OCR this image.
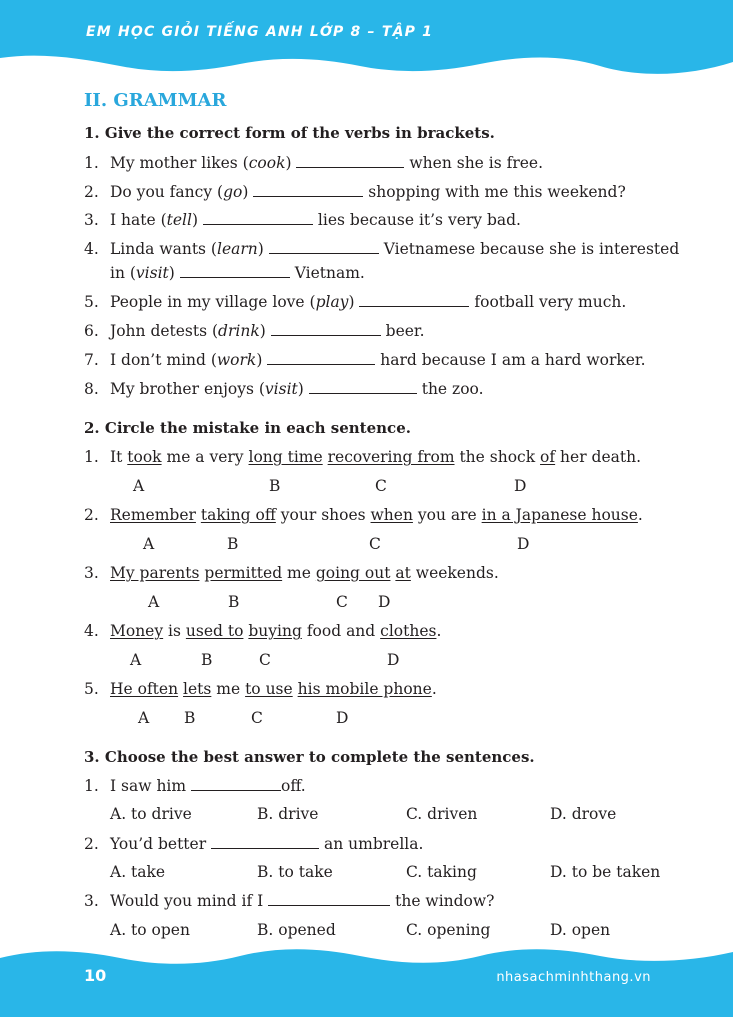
EM HỌC GIỎI TIẾNG ANH LỚP 8 – TẬP 1
II. GRAMMAR
1. Give the correct form of the verbs in brackets.
1. My mother likes (cook)	when she is free.
2. Do you fancy (go)	shopping with me this weekend?
3. I hate (tell)	lies because it’s very bad.
4. Linda wants (learn)	Vietnamese because she is interested
in (visit)	Vietnam.
5. People in my village love (play)	football very much.
6. John detests (drink)	beer.
7. I don’t mind (work)	hard because I am a hard worker.
8. My brother enjoys (visit)	the zoo.
2. Circle the mistake in each sentence.
1. It took me a very long time recovering from the shock of her death.
A	B	C	D
2. Remember taking off your shoes when you are in a Japanese house.
A	B	C	D
3. My parents permitted me going out at weekends.
A	B	C D
4. Money is used to buying food and clothes.
A	B	C	D
5. He often lets me to use his mobile phone.
A B	C	D
3. Choose the best answer to complete the sentences.
1. I saw him	off.
A. to drive	B. drive	C. driven	D. drove
2. You’d better	an umbrella.
A. take	B. to take	C. taking	D. to be taken
3. Would you mind if I	the window?
A. to open	B. opened	C. opening	D. open
10	nhasachminhthang.vn
